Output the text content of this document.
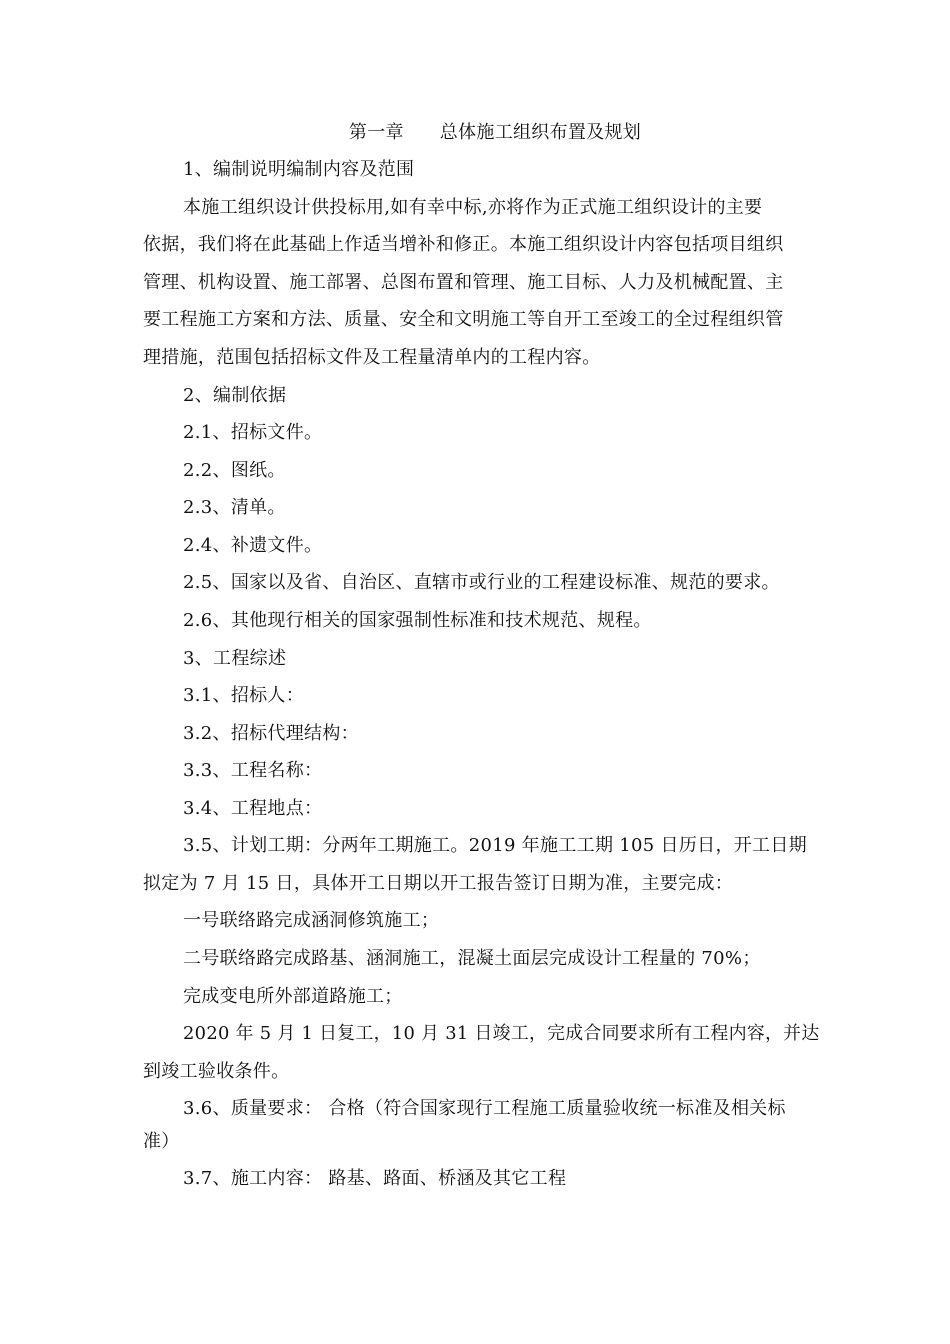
第一章 总体施工组织布置及规划
1、编制说明编制内容及范围
本施工组织设计供投标用,如有幸中标,亦将作为正式施工组织设计的主要
依据，我们将在此基础上作适当增补和修正。本施工组织设计内容包括项目组织
管理、机构设置、施工部署、总图布置和管理、施工目标、人力及机械配置、主
要工程施工方案和方法、质量、安全和文明施工等自开工至竣工的全过程组织管
理措施，范围包括招标文件及工程量清单内的工程内容。
2、编制依据
2.1、招标文件。
2.2、图纸。
2.3、清单。
2.4、补遗文件。
2.5、国家以及省、自治区、直辖市或行业的工程建设标准、规范的要求。
2.6、其他现行相关的国家强制性标准和技术规范、规程。
3、工程综述
3.1、招标人：
3.2、招标代理结构：
3.3、工程名称：
3.4、工程地点：
3.5、计划工期：分两年工期施工。2019 年施工工期 105 日历日，开工日期
拟定为 7 月 15 日，具体开工日期以开工报告签订日期为准，主要完成：
一号联络路完成涵洞修筑施工；
二号联络路完成路基、涵洞施工，混凝土面层完成设计工程量的 70%；
完成变电所外部道路施工；
2020 年 5 月 1 日复工，10 月 31 日竣工，完成合同要求所有工程内容，并达
到竣工验收条件。
3.6、质量要求： 合格（符合国家现行工程施工质量验收统一标准及相关标
准）
3.7、施工内容： 路基、路面、桥涵及其它工程
